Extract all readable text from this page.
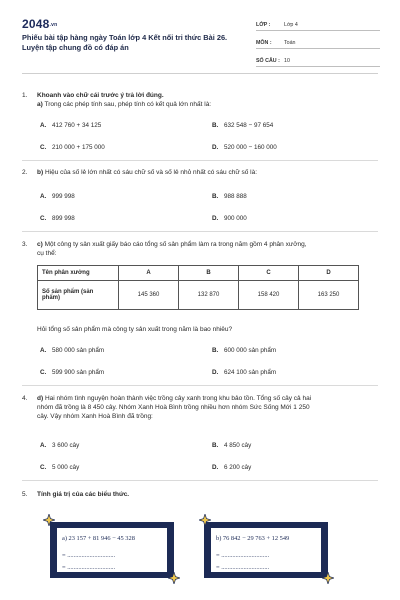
2048.vn
Phiếu bài tập hàng ngày Toán lớp 4 Kết nối tri thức Bài 26.
Luyện tập chung đồ có đáp án
LỚP :	Lớp 4
MÔN : Toán
SỐ CÂU : 10
1.	Khoanh vào chữ cái trước ý trả lời đúng.
a) Trong các phép tính sau, phép tính có kết quả lớn nhất là:
A. 412 760 + 34 125	B. 632 548 − 97 654
C. 210 000 + 175 000	D. 520 000 − 160 000
2.	b) Hiệu của số lẻ lớn nhất có sáu chữ số và số lẻ nhỏ nhất có sáu chữ số là:
A. 999 998	B. 988 888
C. 899 998	D. 900 000
3.	c) Một công ty sản xuất giấy báo cáo tổng số sản phẩm làm ra trong năm gồm 4 phân xưởng,
cụ thể:
Tên phân xưởng	A	B	C	D

Số sản phẩm (sản
phẩm)	145 360	132 870	158 420	163 250
Hỏi tổng số sản phẩm mà công ty sản xuất trong năm là bao nhiêu?
A. 580 000 sản phẩm	B. 600 000 sản phẩm
C. 599 900 sản phẩm	D. 624 100 sản phẩm
4.	d) Hai nhóm tình nguyện hoàn thành việc trồng cây xanh trong khu bảo tồn. Tổng số cây cả hai
nhóm đã trồng là 8 450 cây. Nhóm Xanh Hoà Bình trồng nhiều hơn nhóm Sức Sống Mới 1 250
cây. Vậy nhóm Xanh Hoà Bình đã trồng:
A. 3 600 cây	B. 4 850 cây
C. 5 000 cây	D. 6 200 cây
5.	Tính giá trị của các biểu thức.
a) 23 157 + 81 946 − 45 328
= ..............................
= ..............................
b) 76 842 − 29 763 + 12 549
= ..............................
= ..............................
